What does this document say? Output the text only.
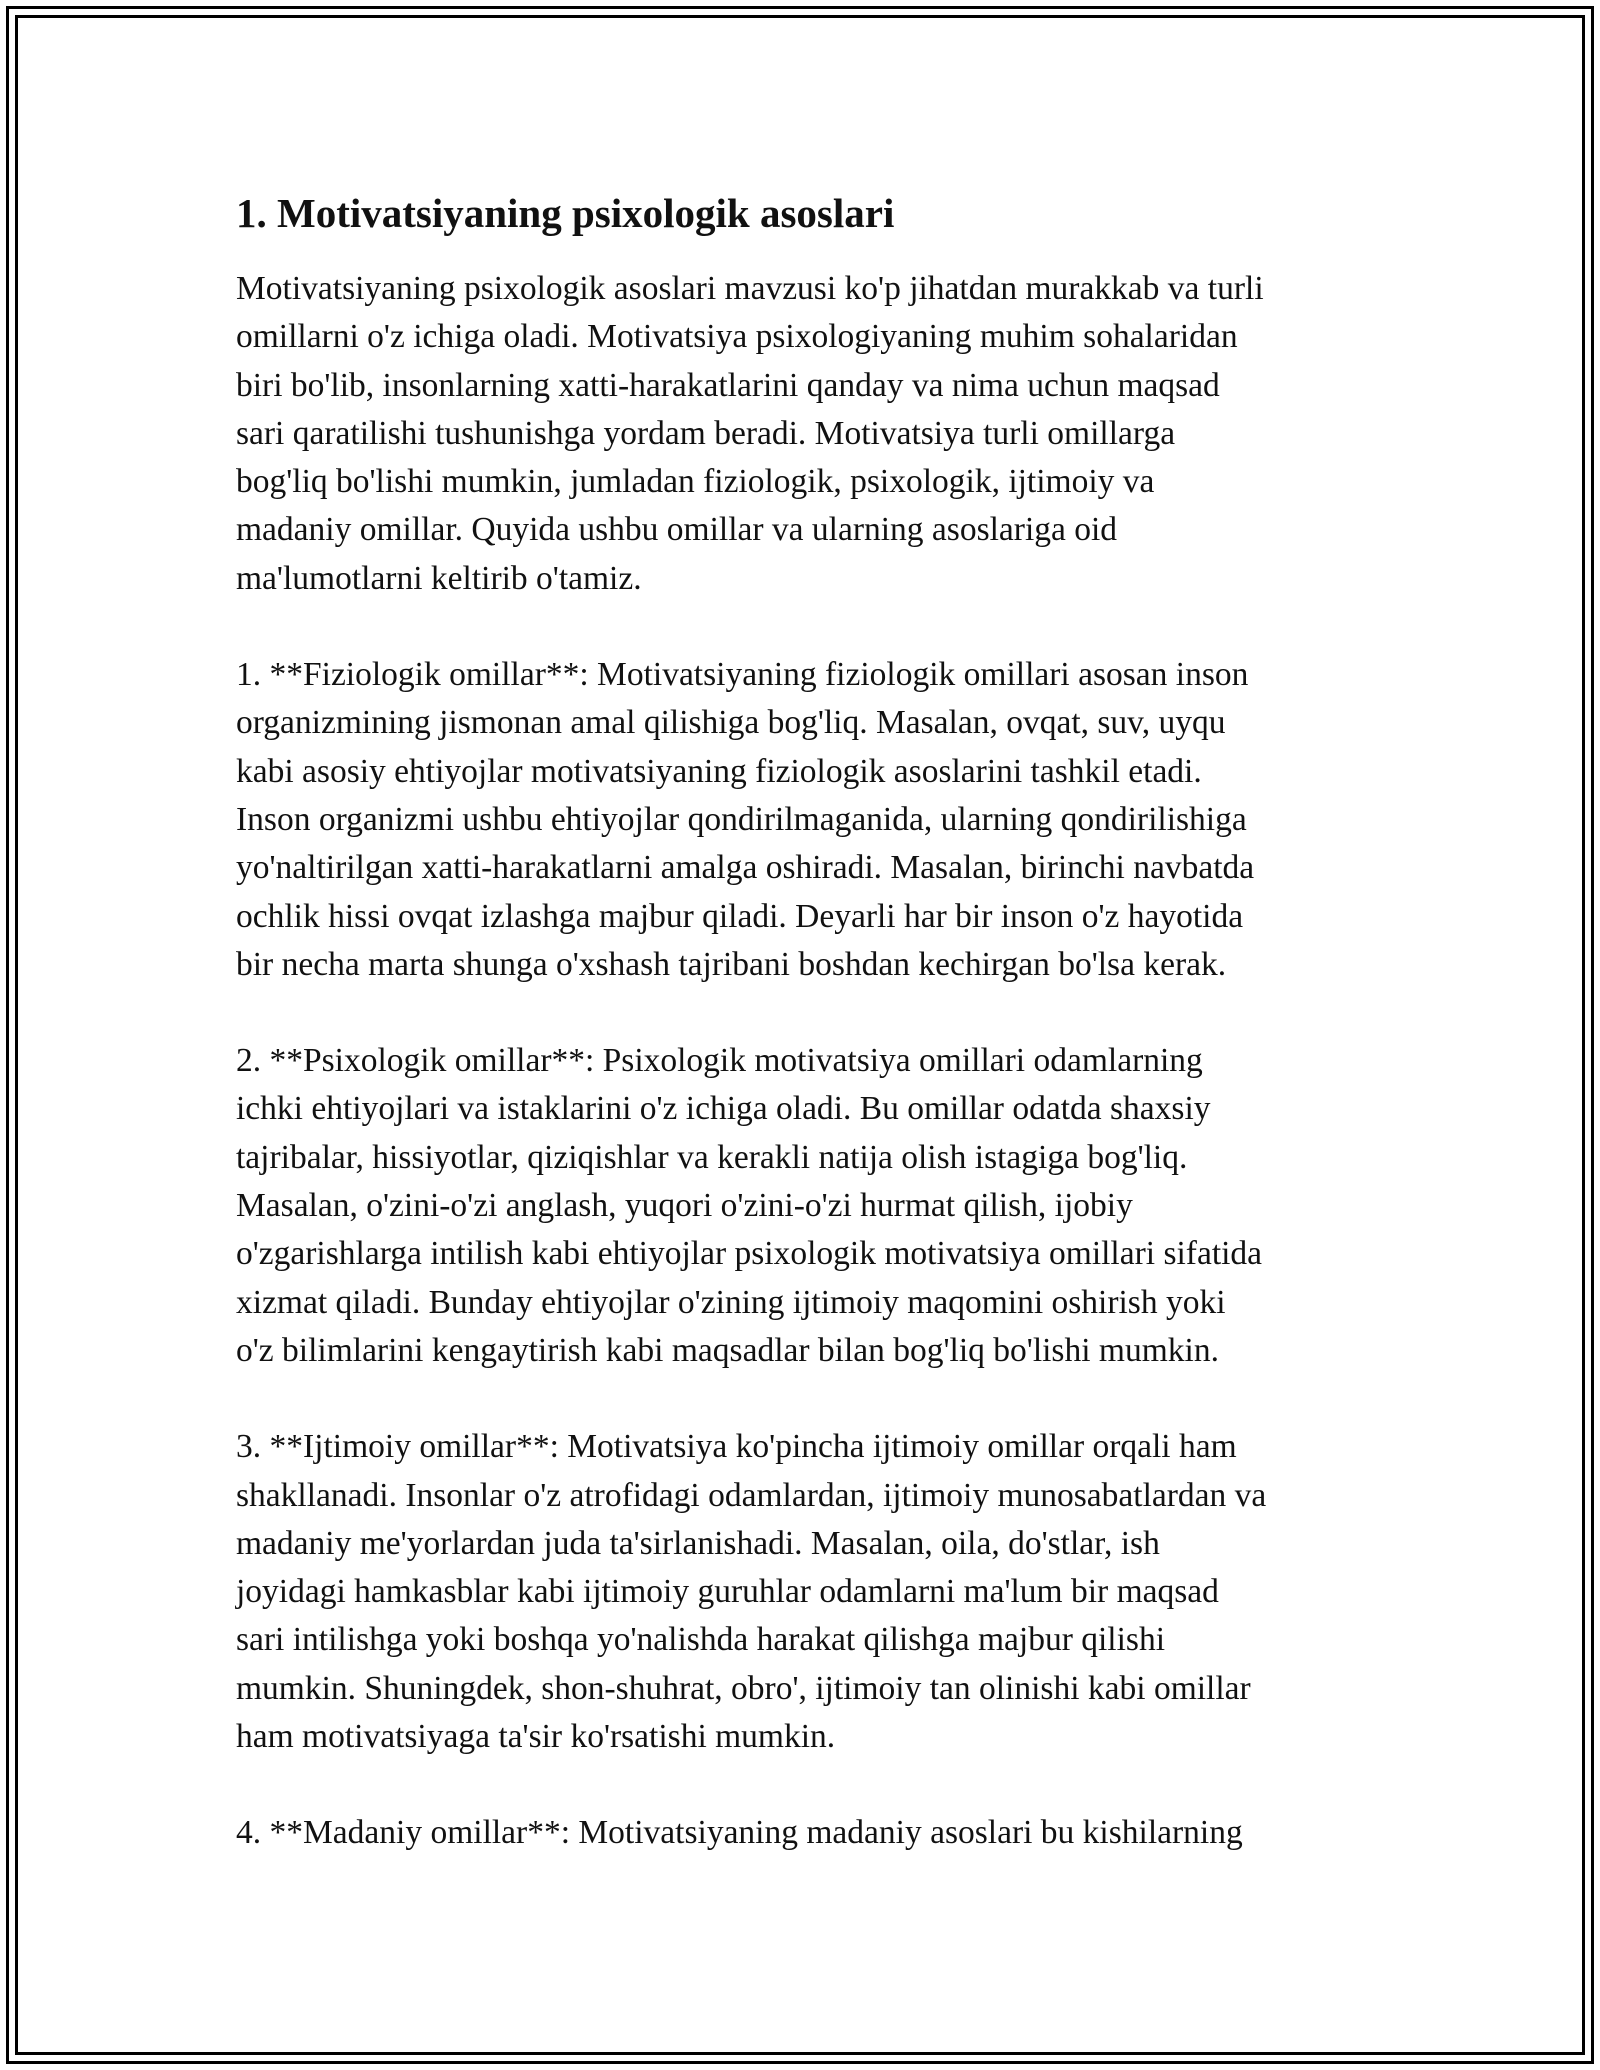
1. Motivatsiyaning psixologik asoslari

Motivatsiyaning psixologik asoslari mavzusi ko'p jihatdan murakkab va turli
omillarni o'z ichiga oladi. Motivatsiya psixologiyaning muhim sohalaridan
biri bo'lib, insonlarning xatti-harakatlarini qanday va nima uchun maqsad
sari qaratilishi tushunishga yordam beradi. Motivatsiya turli omillarga
bog'liq bo'lishi mumkin, jumladan fiziologik, psixologik, ijtimoiy va
madaniy omillar. Quyida ushbu omillar va ularning asoslariga oid
ma'lumotlarni keltirib o'tamiz.

1. **Fiziologik omillar**: Motivatsiyaning fiziologik omillari asosan inson
organizmining jismonan amal qilishiga bog'liq. Masalan, ovqat, suv, uyqu
kabi asosiy ehtiyojlar motivatsiyaning fiziologik asoslarini tashkil etadi.
Inson organizmi ushbu ehtiyojlar qondirilmaganida, ularning qondirilishiga
yo'naltirilgan xatti-harakatlarni amalga oshiradi. Masalan, birinchi navbatda
ochlik hissi ovqat izlashga majbur qiladi. Deyarli har bir inson o'z hayotida
bir necha marta shunga o'xshash tajribani boshdan kechirgan bo'lsa kerak.

2. **Psixologik omillar**: Psixologik motivatsiya omillari odamlarning
ichki ehtiyojlari va istaklarini o'z ichiga oladi. Bu omillar odatda shaxsiy
tajribalar, hissiyotlar, qiziqishlar va kerakli natija olish istagiga bog'liq.
Masalan, o'zini-o'zi anglash, yuqori o'zini-o'zi hurmat qilish, ijobiy
o'zgarishlarga intilish kabi ehtiyojlar psixologik motivatsiya omillari sifatida
xizmat qiladi. Bunday ehtiyojlar o'zining ijtimoiy maqomini oshirish yoki
o'z bilimlarini kengaytirish kabi maqsadlar bilan bog'liq bo'lishi mumkin.

3. **Ijtimoiy omillar**: Motivatsiya ko'pincha ijtimoiy omillar orqali ham
shakllanadi. Insonlar o'z atrofidagi odamlardan, ijtimoiy munosabatlardan va
madaniy me'yorlardan juda ta'sirlanishadi. Masalan, oila, do'stlar, ish
joyidagi hamkasblar kabi ijtimoiy guruhlar odamlarni ma'lum bir maqsad
sari intilishga yoki boshqa yo'nalishda harakat qilishga majbur qilishi
mumkin. Shuningdek, shon-shuhrat, obro', ijtimoiy tan olinishi kabi omillar
ham motivatsiyaga ta'sir ko'rsatishi mumkin.

4. **Madaniy omillar**: Motivatsiyaning madaniy asoslari bu kishilarning
